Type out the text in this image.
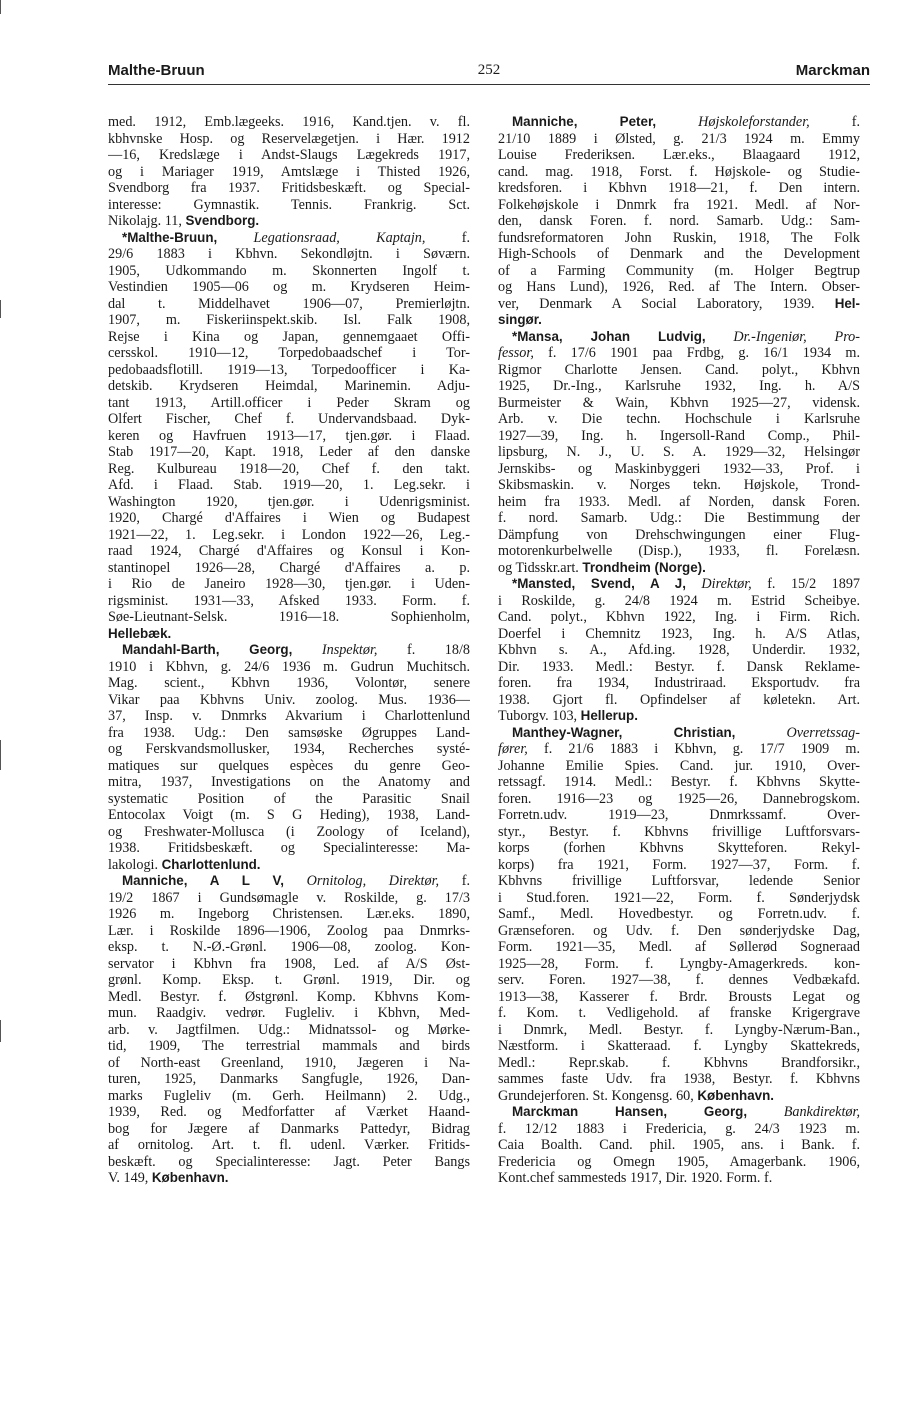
Malthe-Bruun	252	Marckman
med. 1912, Emb.lægeeks. 1916, Kand.tjen. v. fl.
kbhvnske Hosp. og Reservelægetjen. i Hær. 1912
—16, Kredslæge i Andst-Slaugs Lægekreds 1917,
og i Mariager 1919, Amtslæge i Thisted 1926,
Svendborg fra 1937. Fritidsbeskæft. og Special-
interesse: Gymnastik. Tennis. Frankrig. Sct.
Nikolajg. 11, Svendborg.
*Malthe-Bruun,	Legationsraad, Kaptajn, f.
29/6 1883 i Kbhvn. Sekondløjtn. i Søværn.
1905, Udkommando m. Skonnerten Ingolf t.
Vestindien 1905—06 og m. Krydseren Heim-
dal t. Middelhavet 1906—07, Premierløjtn.
1907, m. Fiskeriinspekt.skib. Isl. Falk 1908,
Rejse i Kina og Japan, gennemgaaet Offi-
cersskol. 1910—12, Torpedobaadschef i Tor-
pedobaadsflotill. 1919—13, Torpedoofficer i Ka-
detskib. Krydseren Heimdal, Marinemin. Adju-
tant 1913, Artill.officer i Peder Skram og
Olfert Fischer, Chef f. Undervandsbaad. Dyk-
keren og Havfruen 1913—17, tjen.gør. i Flaad.
Stab 1917—20, Kapt. 1918, Leder af den danske
Reg. Kulbureau 1918—20, Chef f. den takt.
Afd. i Flaad. Stab. 1919—20, 1. Leg.sekr. i
Washington 1920, tjen.gør. i Udenrigsminist.
1920, Chargé d'Affaires i Wien og Budapest
1921—22, 1. Leg.sekr. i London 1922—26, Leg.-
raad 1924, Chargé d'Affaires og Konsul i Kon-
stantinopel 1926—28, Chargé d'Affaires a. p.
i Rio de Janeiro 1928—30, tjen.gør. i Uden-
rigsminist. 1931—33, Afsked 1933. Form. f.
Søe-Lieutnant-Selsk. 1916—18. Sophienholm,
Hellebæk.
Mandahl-Barth, Georg, Inspektør, f. 18/8
1910 i Kbhvn, g. 24/6 1936 m. Gudrun Muchitsch.
Mag. scient., Kbhvn 1936, Volontør, senere
Vikar paa Kbhvns Univ. zoolog. Mus. 1936—
37, Insp. v. Dnmrks Akvarium i Charlottenlund
fra 1938. Udg.: Den samsøske Øgruppes Land-
og Ferskvandsmollusker, 1934, Recherches systé-
matiques sur quelques espèces du genre Geo-
mitra, 1937, Investigations on the Anatomy and
systematic Position of the Parasitic Snail
Entocolax Voigt (m. S G Heding), 1938, Land-
og Freshwater-Mollusca (i Zoology of Iceland),
1938. Fritidsbeskæft. og Specialinteresse: Ma-
lakologi. Charlottenlund.
Manniche, A L V, Ornitolog, Direktør, f.
19/2 1867 i Gundsømagle v. Roskilde, g. 17/3
1926 m. Ingeborg Christensen. Lær.eks. 1890,
Lær. i Roskilde 1896—1906, Zoolog paa Dnmrks-
eksp. t. N.-Ø.-Grønl. 1906—08, zoolog. Kon-
servator i Kbhvn fra 1908, Led. af A/S Øst-
grønl. Komp. Eksp. t. Grønl. 1919, Dir. og
Medl. Bestyr. f. Østgrønl. Komp. Kbhvns Kom-
mun. Raadgiv. vedrør. Fugleliv. i Kbhvn, Med-
arb. v. Jagtfilmen. Udg.: Midnatssol- og Mørke-
tid, 1909, The terrestrial mammals and birds
of North-east Greenland, 1910, Jægeren i Na-
turen, 1925, Danmarks Sangfugle, 1926, Dan-
marks Fugleliv (m. Gerh. Heilmann) 2. Udg.,
1939, Red. og Medforfatter af Værket Haand-
bog for Jægere af Danmarks Pattedyr, Bidrag
af ornitolog. Art. t. fl. udenl. Værker. Fritids-
beskæft. og Specialinteresse: Jagt. Peter Bangs
V. 149, København.
Manniche, Peter,	Højskoleforstander, f.
21/10 1889 i Ølsted, g. 21/3 1924 m. Emmy
Louise Frederiksen. Lær.eks., Blaagaard 1912,
cand. mag. 1918, Forst. f. Højskole- og Studie-
kredsforen. i Kbhvn 1918—21, f. Den intern.
Folkehøjskole i Dnmrk fra 1921. Medl. af Nor-
den, dansk Foren. f. nord. Samarb. Udg.: Sam-
fundsreformatoren John Ruskin, 1918, The Folk
High-Schools of Denmark and the Development
of a Farming Community (m. Holger Begtrup
og Hans Lund), 1926, Red. af The Intern. Obser-
ver, Denmark A Social Laboratory, 1939. Hel-
singør.
*Mansa, Johan Ludvig, Dr.-Ingeniør, Pro-
fessor, f. 17/6 1901 paa Frdbg, g. 16/1 1934 m.
Rigmor Charlotte Jensen. Cand. polyt., Kbhvn
1925, Dr.-Ing., Karlsruhe 1932, Ing. h. A/S
Burmeister & Wain, Kbhvn 1925—27, vidensk.
Arb. v. Die techn. Hochschule i Karlsruhe
1927—39, Ing. h. Ingersoll-Rand Comp., Phil-
lipsburg, N. J., U. S. A. 1929—32, Helsingør
Jernskibs- og Maskinbyggeri 1932—33, Prof. i
Skibsmaskin. v. Norges tekn. Højskole, Trond-
heim fra 1933. Medl. af Norden, dansk Foren.
f. nord. Samarb. Udg.: Die Bestimmung der
Dämpfung von Drehschwingungen einer Flug-
motorenkurbelwelle (Disp.), 1933, fl. Forelæsn.
og Tidsskr.art. Trondheim (Norge).
*Mansted, Svend, A J, Direktør, f. 15/2 1897
i Roskilde, g. 24/8 1924 m. Estrid Scheibye.
Cand. polyt., Kbhvn 1922, Ing. i Firm. Rich.
Doerfel i Chemnitz 1923, Ing. h. A/S Atlas,
Kbhvn s. A., Afd.ing. 1928, Underdir. 1932,
Dir. 1933. Medl.: Bestyr. f. Dansk Reklame-
foren. fra 1934, Industriraad. Eksportudv. fra
1938. Gjort fl. Opfindelser af køletekn. Art.
Tuborgv. 103, Hellerup.
Manthey-Wagner, Christian,	Overretssag-
fører, f. 21/6 1883 i Kbhvn, g. 17/7 1909 m.
Johanne Emilie Spies. Cand. jur. 1910, Over-
retssagf. 1914. Medl.: Bestyr. f. Kbhvns Skytte-
foren. 1916—23 og 1925—26, Dannebrogskom.
Forretn.udv. 1919—23, Dnmrkssamf. Over-
styr., Bestyr. f. Kbhvns frivillige Luftforsvars-
korps (forhen Kbhvns Skytteforen. Rekyl-
korps) fra 1921, Form. 1927—37, Form. f.
Kbhvns frivillige Luftforsvar, ledende Senior
i Stud.foren. 1921—22, Form. f. Sønderjydsk
Samf., Medl. Hovedbestyr. og Forretn.udv. f.
Grænseforen. og Udv. f. Den sønderjydske Dag,
Form. 1921—35, Medl. af Søllerød Sogneraad
1925—28, Form. f. Lyngby-Amagerkreds. kon-
serv. Foren. 1927—38, f. dennes Vedbækafd.
1913—38, Kasserer f. Brdr. Brousts Legat og
f. Kom. t. Vedligehold. af franske Krigergrave
i Dnmrk, Medl. Bestyr. f. Lyngby-Nærum-Ban.,
Næstform. i Skatteraad. f. Lyngby Skattekreds,
Medl.: Repr.skab. f. Kbhvns Brandforsikr.,
sammes faste Udv. fra 1938, Bestyr. f. Kbhvns
Grundejerforen. St. Kongensg. 60, København.
Marckman Hansen, Georg,	Bankdirektør,
f. 12/12 1883 i Fredericia, g. 24/3 1923 m.
Caia Boalth. Cand. phil. 1905, ans. i Bank. f.
Fredericia og Omegn 1905, Amagerbank. 1906,
Kont.chef sammesteds 1917, Dir. 1920. Form. f.
